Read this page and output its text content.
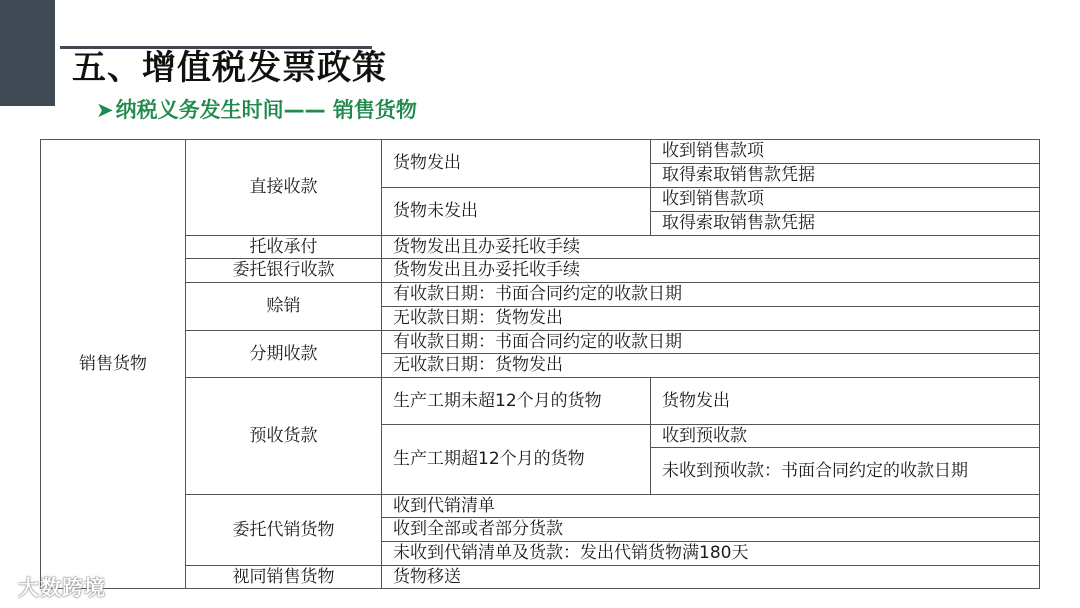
五、增值税发票政策
➤纳税义务发生时间—— 销售货物
销售货物	直接收款	货物发出	收到销售款项
			取得索取销售款凭据
		货物未发出	收到销售款项
			取得索取销售款凭据
	托收承付	货物发出且办妥托收手续	
	委托银行收款	货物发出且办妥托收手续	
	赊销	有收款日期：书面合同约定的收款日期	
		无收款日期：货物发出	
	分期收款	有收款日期：书面合同约定的收款日期	
		无收款日期：货物发出	
	预收货款	生产工期未超12个月的货物	货物发出
		生产工期超12个月的货物	收到预收款
			未收到预收款：书面合同约定的收款日期
	委托代销货物	收到代销清单	
		收到全部或者部分货款	
		未收到代销清单及货款：发出代销货物满180天	
	视同销售货物	货物移送	
大数跨境
